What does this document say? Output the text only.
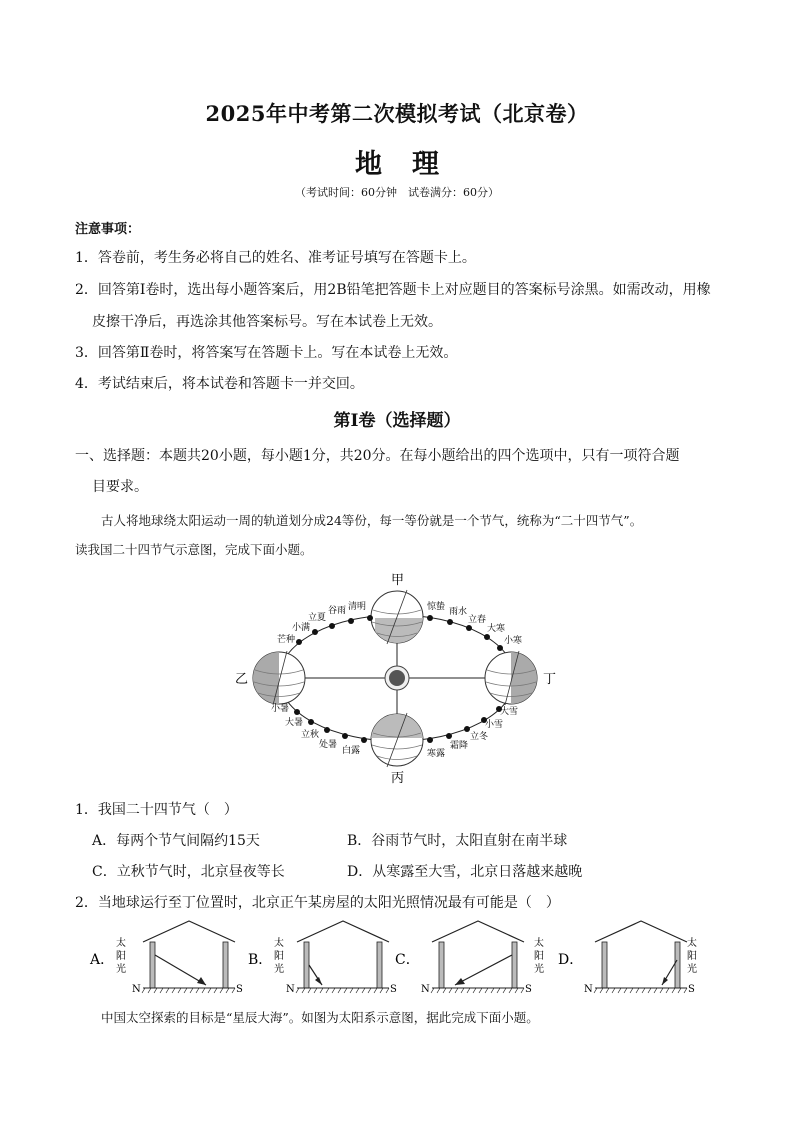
2025年中考第二次模拟考试（北京卷）
地理
（考试时间：60分钟　试卷满分：60分）
注意事项：
1．答卷前，考生务必将自己的姓名、准考证号填写在答题卡上。
2．回答第Ⅰ卷时，选出每小题答案后，用2B铅笔把答题卡上对应题目的答案标号涂黑。如需改动，用橡
皮擦干净后，再选涂其他答案标号。写在本试卷上无效。
3．回答第Ⅱ卷时，将答案写在答题卡上。写在本试卷上无效。
4．考试结束后，将本试卷和答题卡一并交回。
第Ⅰ卷（选择题）
一、选择题：本题共20小题，每小题1分，共20分。在每小题给出的四个选项中，只有一项符合题
目要求。
古人将地球绕太阳运动一周的轨道划分成24等份，每一等份就是一个节气，统称为“二十四节气”。
读我国二十四节气示意图，完成下面小题。
甲
乙
丙
丁
芒种
小满
立夏
谷雨 清明	惊蛰 雨水
立春
大寒
小寒
小暑
大暑
立秋
处暑
白露	寒露
霜降
立冬
小雪
大雪
1．我国二十四节气（　）
A．每两个节气间隔约15天	B．谷雨节气时，太阳直射在南半球
C．立秋节气时，北京昼夜等长	D．从寒露至大雪，北京日落越来越晚
2．当地球运行至丁位置时，北京正午某房屋的太阳光照情况最有可能是（　）
A．
太阳光
N	S
B．
太阳光
N	S
C．
太阳光
N	S
D．
太阳光
N	S
中国太空探索的目标是“星辰大海”。如图为太阳系示意图，据此完成下面小题。
